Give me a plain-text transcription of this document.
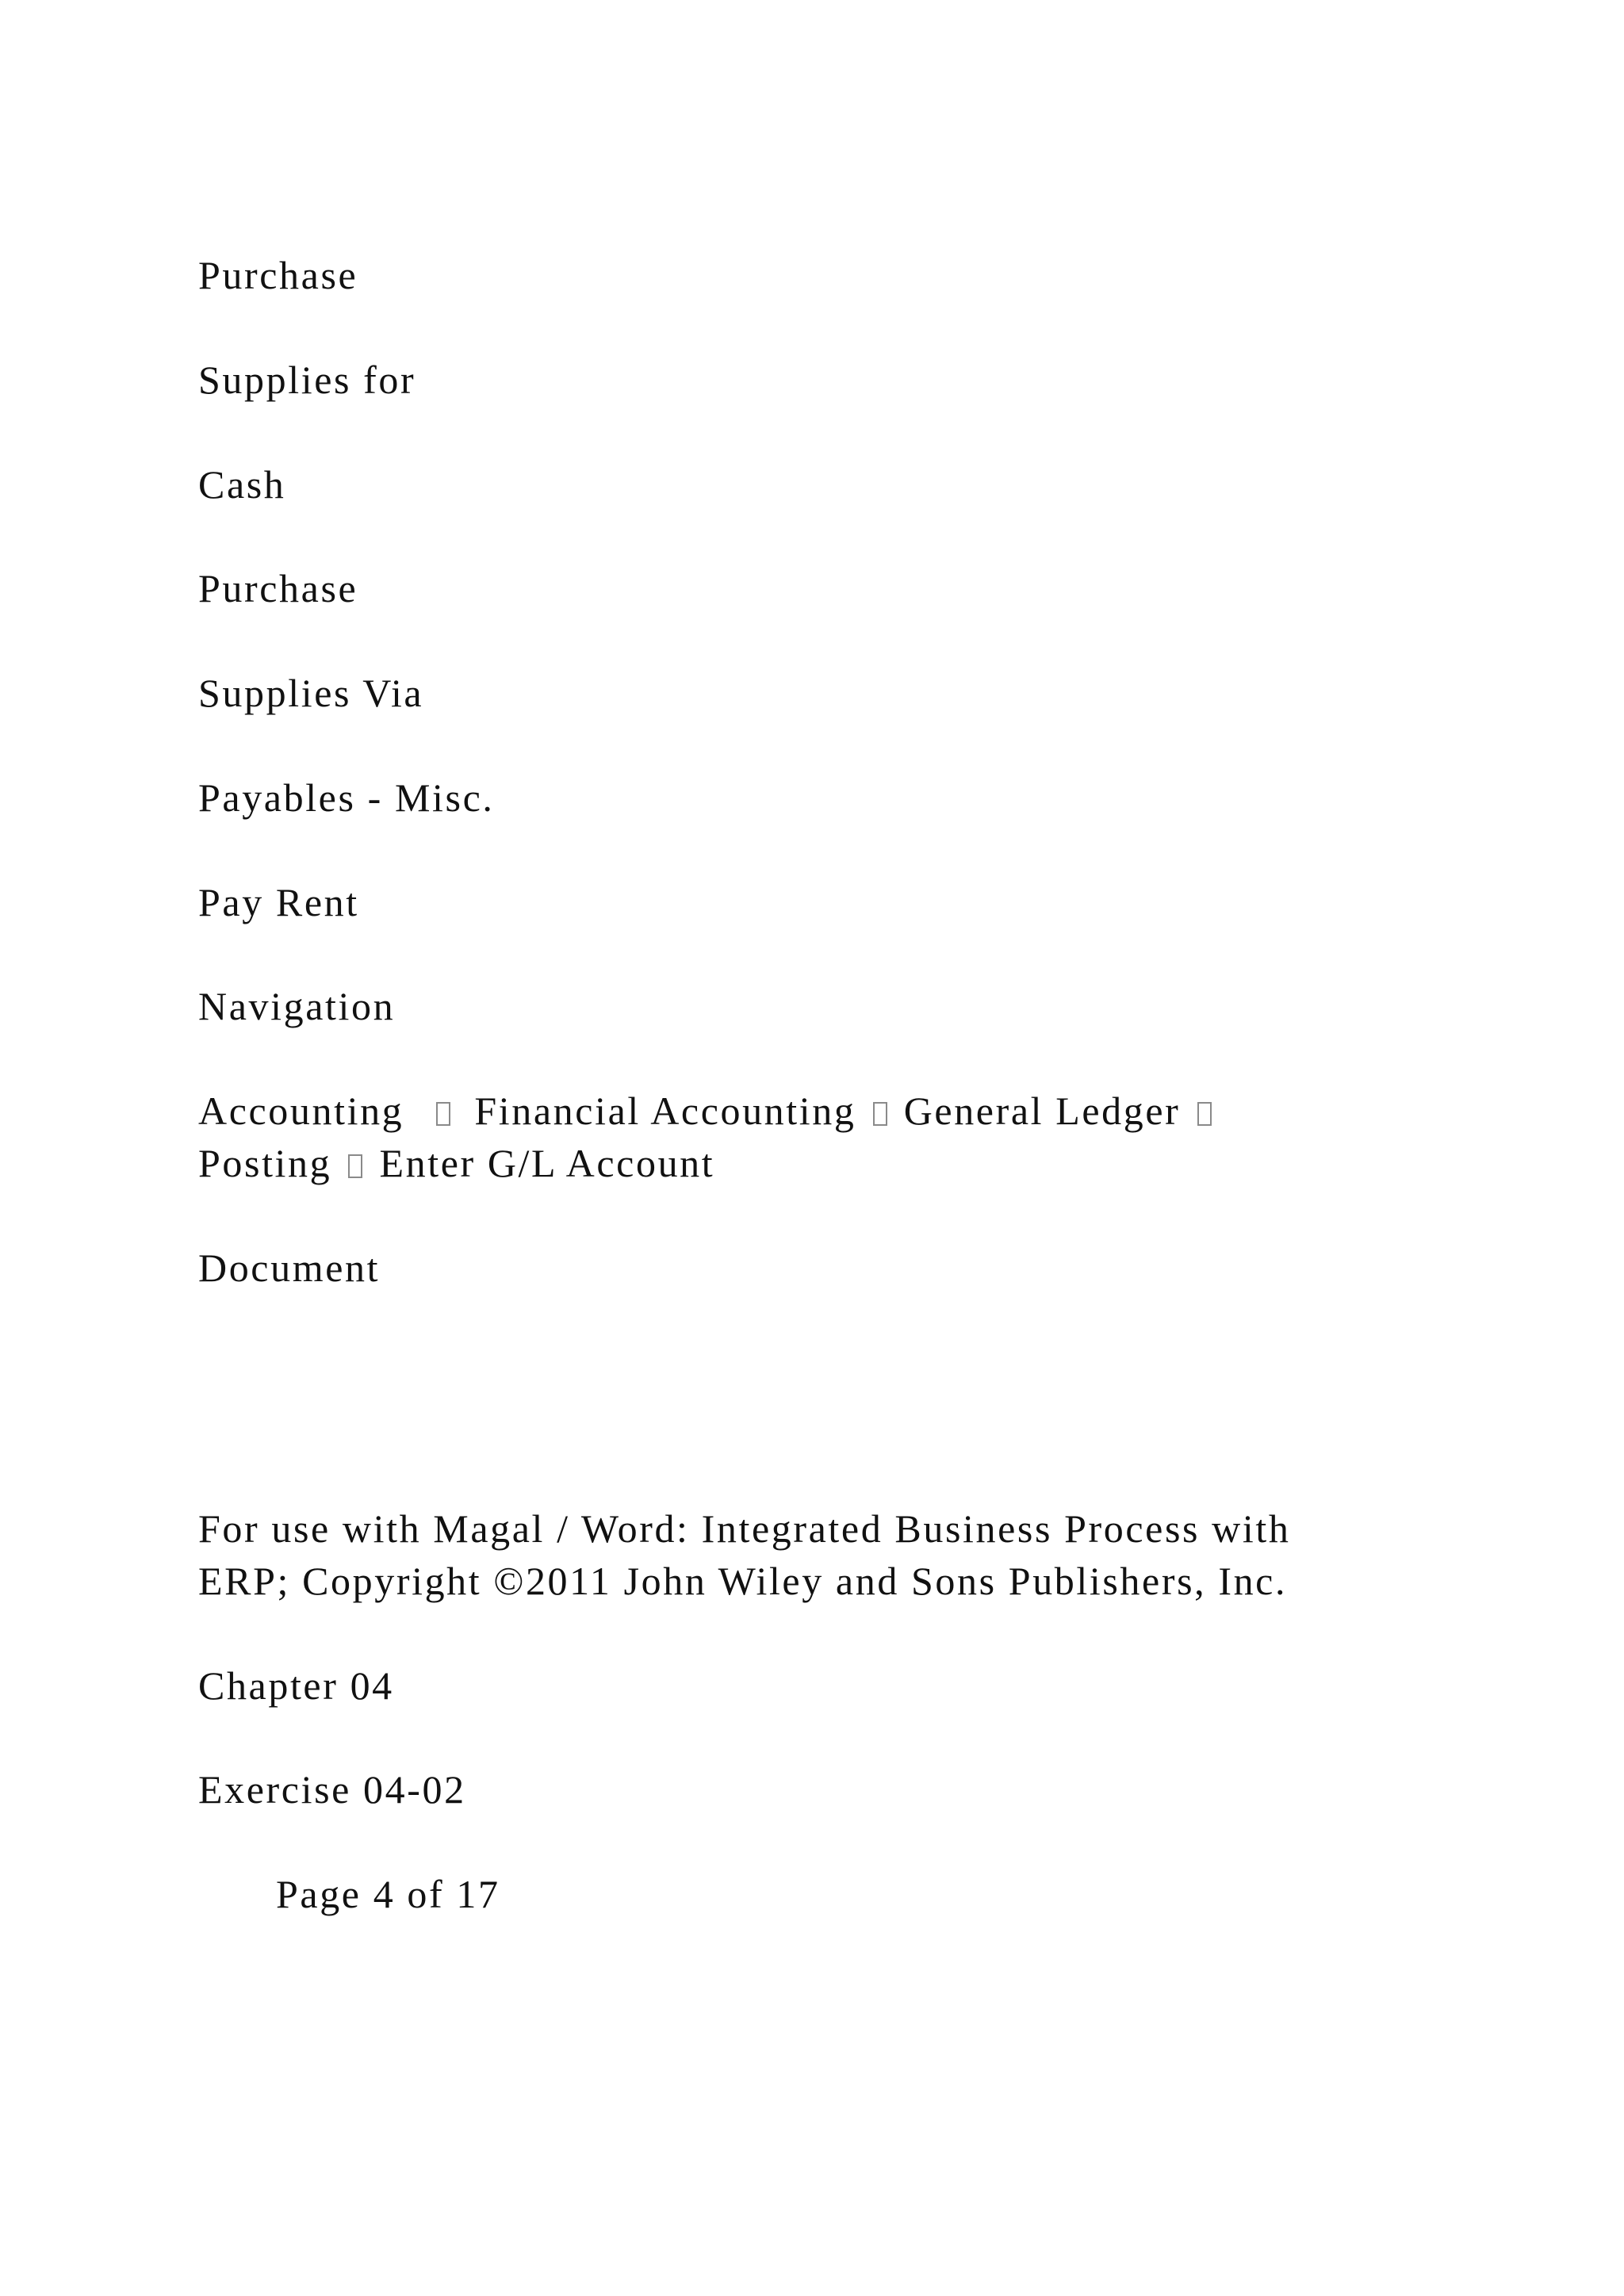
Purchase

Supplies for

Cash

Purchase

Supplies Via

Payables - Misc.

Pay Rent

Navigation

Accounting Financial Accounting General Ledger

Posting Enter G/L Account

Document

For use with Magal / Word: Integrated Business Process with

ERP; Copyright ©2011 John Wiley and Sons Publishers, Inc.

Chapter 04

Exercise 04-02

Page 4 of 17
